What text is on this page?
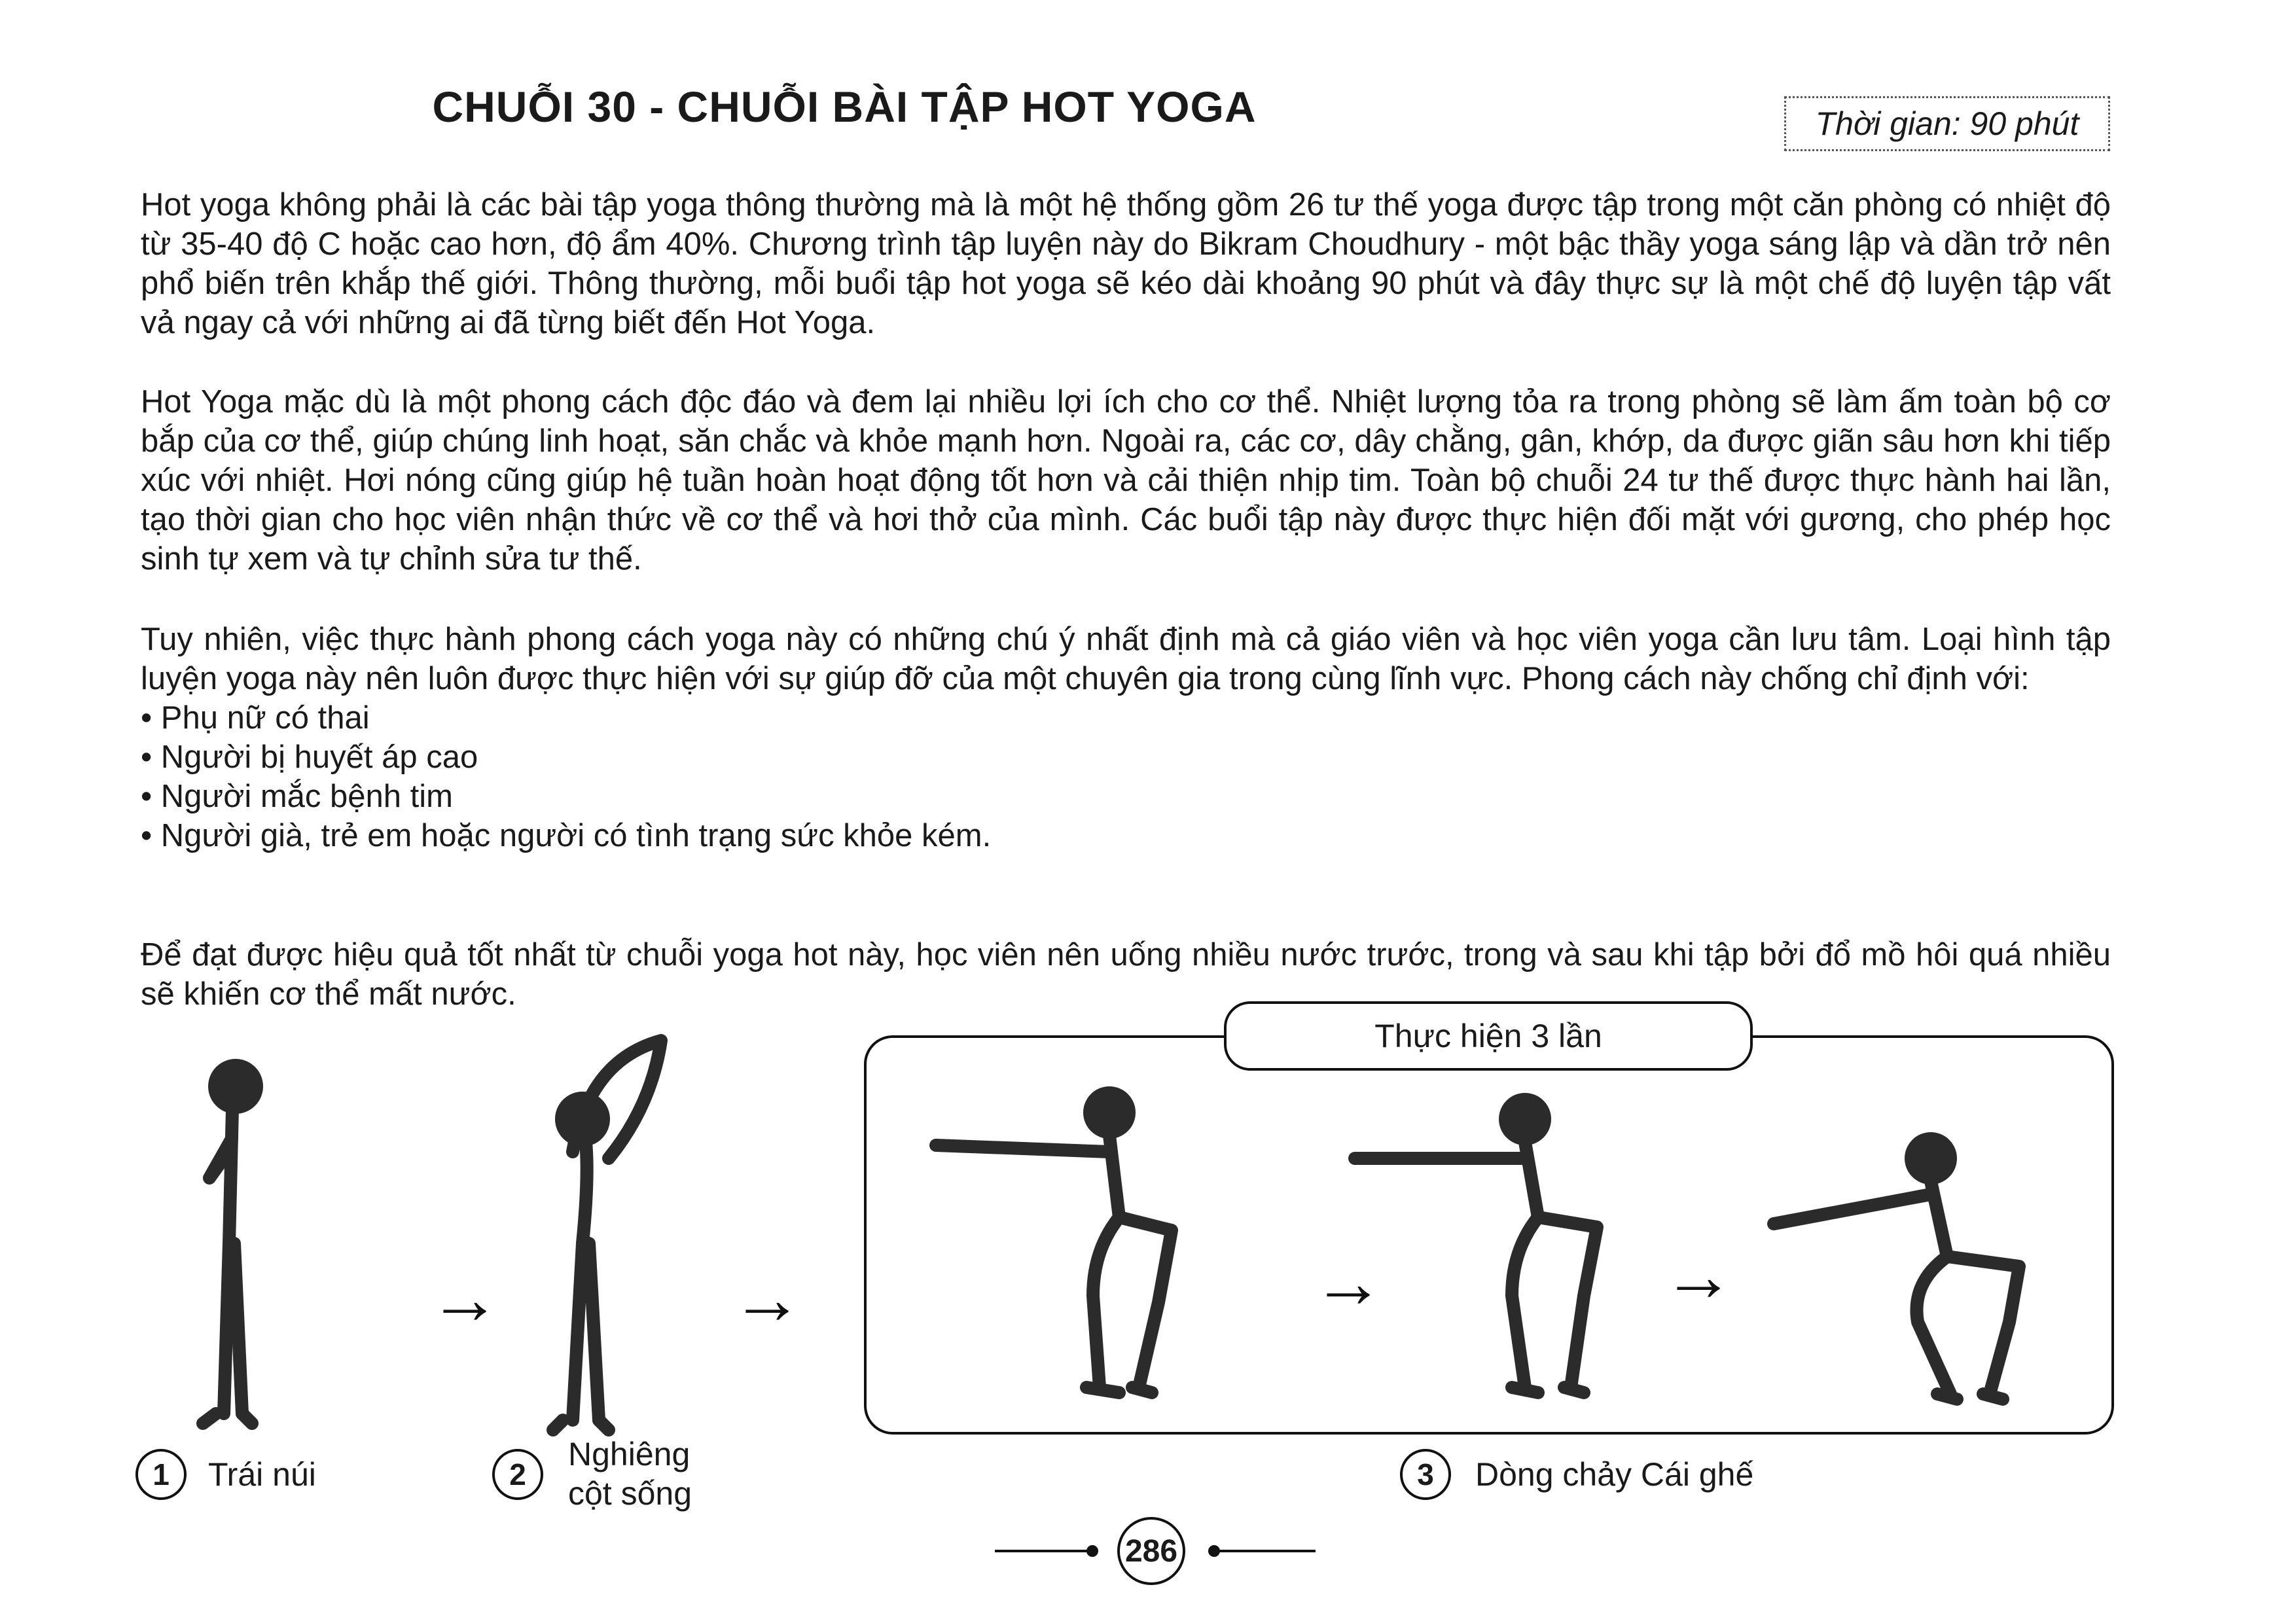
CHUỖI 30 - CHUỖI BÀI TẬP HOT YOGA	Thời gian: 90 phút

Hot yoga không phải là các bài tập yoga thông thường mà là một hệ thống gồm 26 tư thế yoga được tập trong một căn phòng có nhiệt độ từ 35-40 độ C hoặc cao hơn, độ ẩm 40%. Chương trình tập luyện này do Bikram Choudhury - một bậc thầy yoga sáng lập và dần trở nên phổ biến trên khắp thế giới. Thông thường, mỗi buổi tập hot yoga sẽ kéo dài khoảng 90 phút và đây thực sự là một chế độ luyện tập vất vả ngay cả với những ai đã từng biết đến Hot Yoga.

Hot Yoga mặc dù là một phong cách độc đáo và đem lại nhiều lợi ích cho cơ thể. Nhiệt lượng tỏa ra trong phòng sẽ làm ấm toàn bộ cơ bắp của cơ thể, giúp chúng linh hoạt, săn chắc và khỏe mạnh hơn. Ngoài ra, các cơ, dây chằng, gân, khớp, da được giãn sâu hơn khi tiếp xúc với nhiệt. Hơi nóng cũng giúp hệ tuần hoàn hoạt động tốt hơn và cải thiện nhịp tim. Toàn bộ chuỗi 24 tư thế được thực hành hai lần, tạo thời gian cho học viên nhận thức về cơ thể và hơi thở của mình. Các buổi tập này được thực hiện đối mặt với gương, cho phép học sinh tự xem và tự chỉnh sửa tư thế.

Tuy nhiên, việc thực hành phong cách yoga này có những chú ý nhất định mà cả giáo viên và học viên yoga cần lưu tâm. Loại hình tập luyện yoga này nên luôn được thực hiện với sự giúp đỡ của một chuyên gia trong cùng lĩnh vực. Phong cách này chống chỉ định với:

• Phụ nữ có thai
• Người bị huyết áp cao
• Người mắc bệnh tim
• Người già, trẻ em hoặc người có tình trạng sức khỏe kém.

Để đạt được hiệu quả tốt nhất từ chuỗi yoga hot này, học viên nên uống nhiều nước trước, trong và sau khi tập bởi đổ mồ hôi quá nhiều sẽ khiến cơ thể mất nước.

→	→
Thực hiện 3 lần
→	→
1	Trái núi	2
Nghiêng
cột sống
3	Dòng chảy Cái ghế
286
